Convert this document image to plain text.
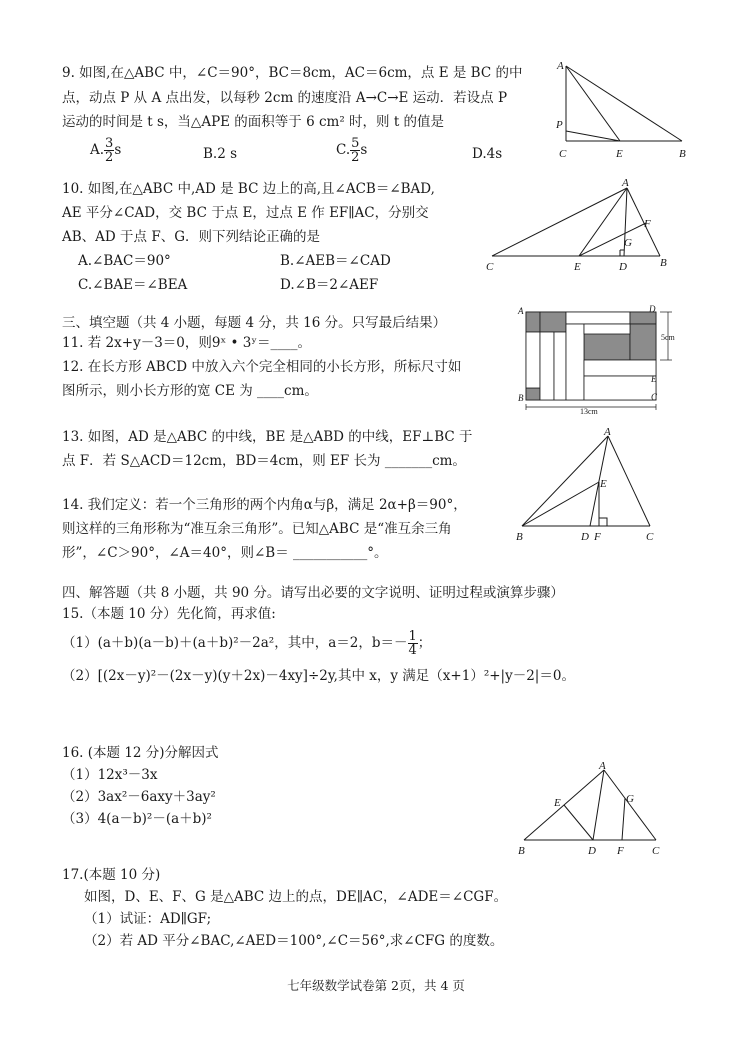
9. 如图,在△ABC 中，∠C＝90°，BC＝8cm，AC＝6cm，点 E 是 BC 的中
点，动点 P 从 A 点出发，以每秒 2cm 的速度沿 A→C→E 运动．若设点 P
运动的时间是 t s，当△APE 的面积等于 6 cm² 时，则 t 的值是
A. $\frac{3}{2}$ s	B.2 s	C. $\frac{5}{2}$ s	D.4s
A
P
C	E	B
10. 如图,在△ABC 中,AD 是 BC 边上的高,且∠ACB＝∠BAD,
AE 平分∠CAD，交 BC 于点 E，过点 E 作 EF∥AC，分别交
AB、AD 于点 F、G．则下列结论正确的是
A.∠BAC＝90°	B.∠AEB＝∠CAD
C.∠BAE＝∠BEA	D.∠B＝2∠AEF
A
F
G
C	E	D	B
三、填空题（共 4 小题，每题 4 分，共 16 分。只写最后结果）
11. 若 2x+y－3＝0，则9ˣ • 3ʸ＝____。
12. 在长方形 ABCD 中放入六个完全相同的小长方形，所标尺寸如
图所示，则小长方形的宽 CE 为 ____cm。
A	D
B	C
E
5cm
13cm
13. 如图，AD 是△ABC 的中线，BE 是△ABD 的中线，EF⊥BC 于
点 F．若 S△ACD＝12cm，BD＝4cm，则 EF 长为 _______cm。
14. 我们定义：若一个三角形的两个内角α与β，满足 2α+β＝90°，
则这样的三角形称为“准互余三角形”。已知△ABC 是“准互余三角
形”，∠C＞90°，∠A＝40°，则∠B＝ ___________°。
A
E
B	D F	C
四、解答题（共 8 小题，共 90 分。请写出必要的文字说明、证明过程或演算步骤）
15.（本题 10 分）先化简，再求值:
（1）(a＋b)(a－b)＋(a＋b)²－2a²，其中，a＝2，$b=- \frac{1}{4}$ ；
（2）[(2x－y)²－(2x－y)(y＋2x)－4xy]÷2y,其中 x，y 满足（x+1）²+|y－2|＝0。
16. (本题 12 分)分解因式
（1）12x³－3x
（2）3ax²－6axy＋3ay²
（3）4(a－b)²－(a＋b)²
17.(本题 10 分)
如图，D、E、F、G 是△ABC 边上的点，DE∥AC，∠ADE＝∠CGF。
（1）试证：AD∥GF;
（2）若 AD 平分∠BAC,∠AED＝100°,∠C＝56°,求∠CFG 的度数。
A
E	G
B	D F	C
七年级数学试卷第 2页，共 4 页
